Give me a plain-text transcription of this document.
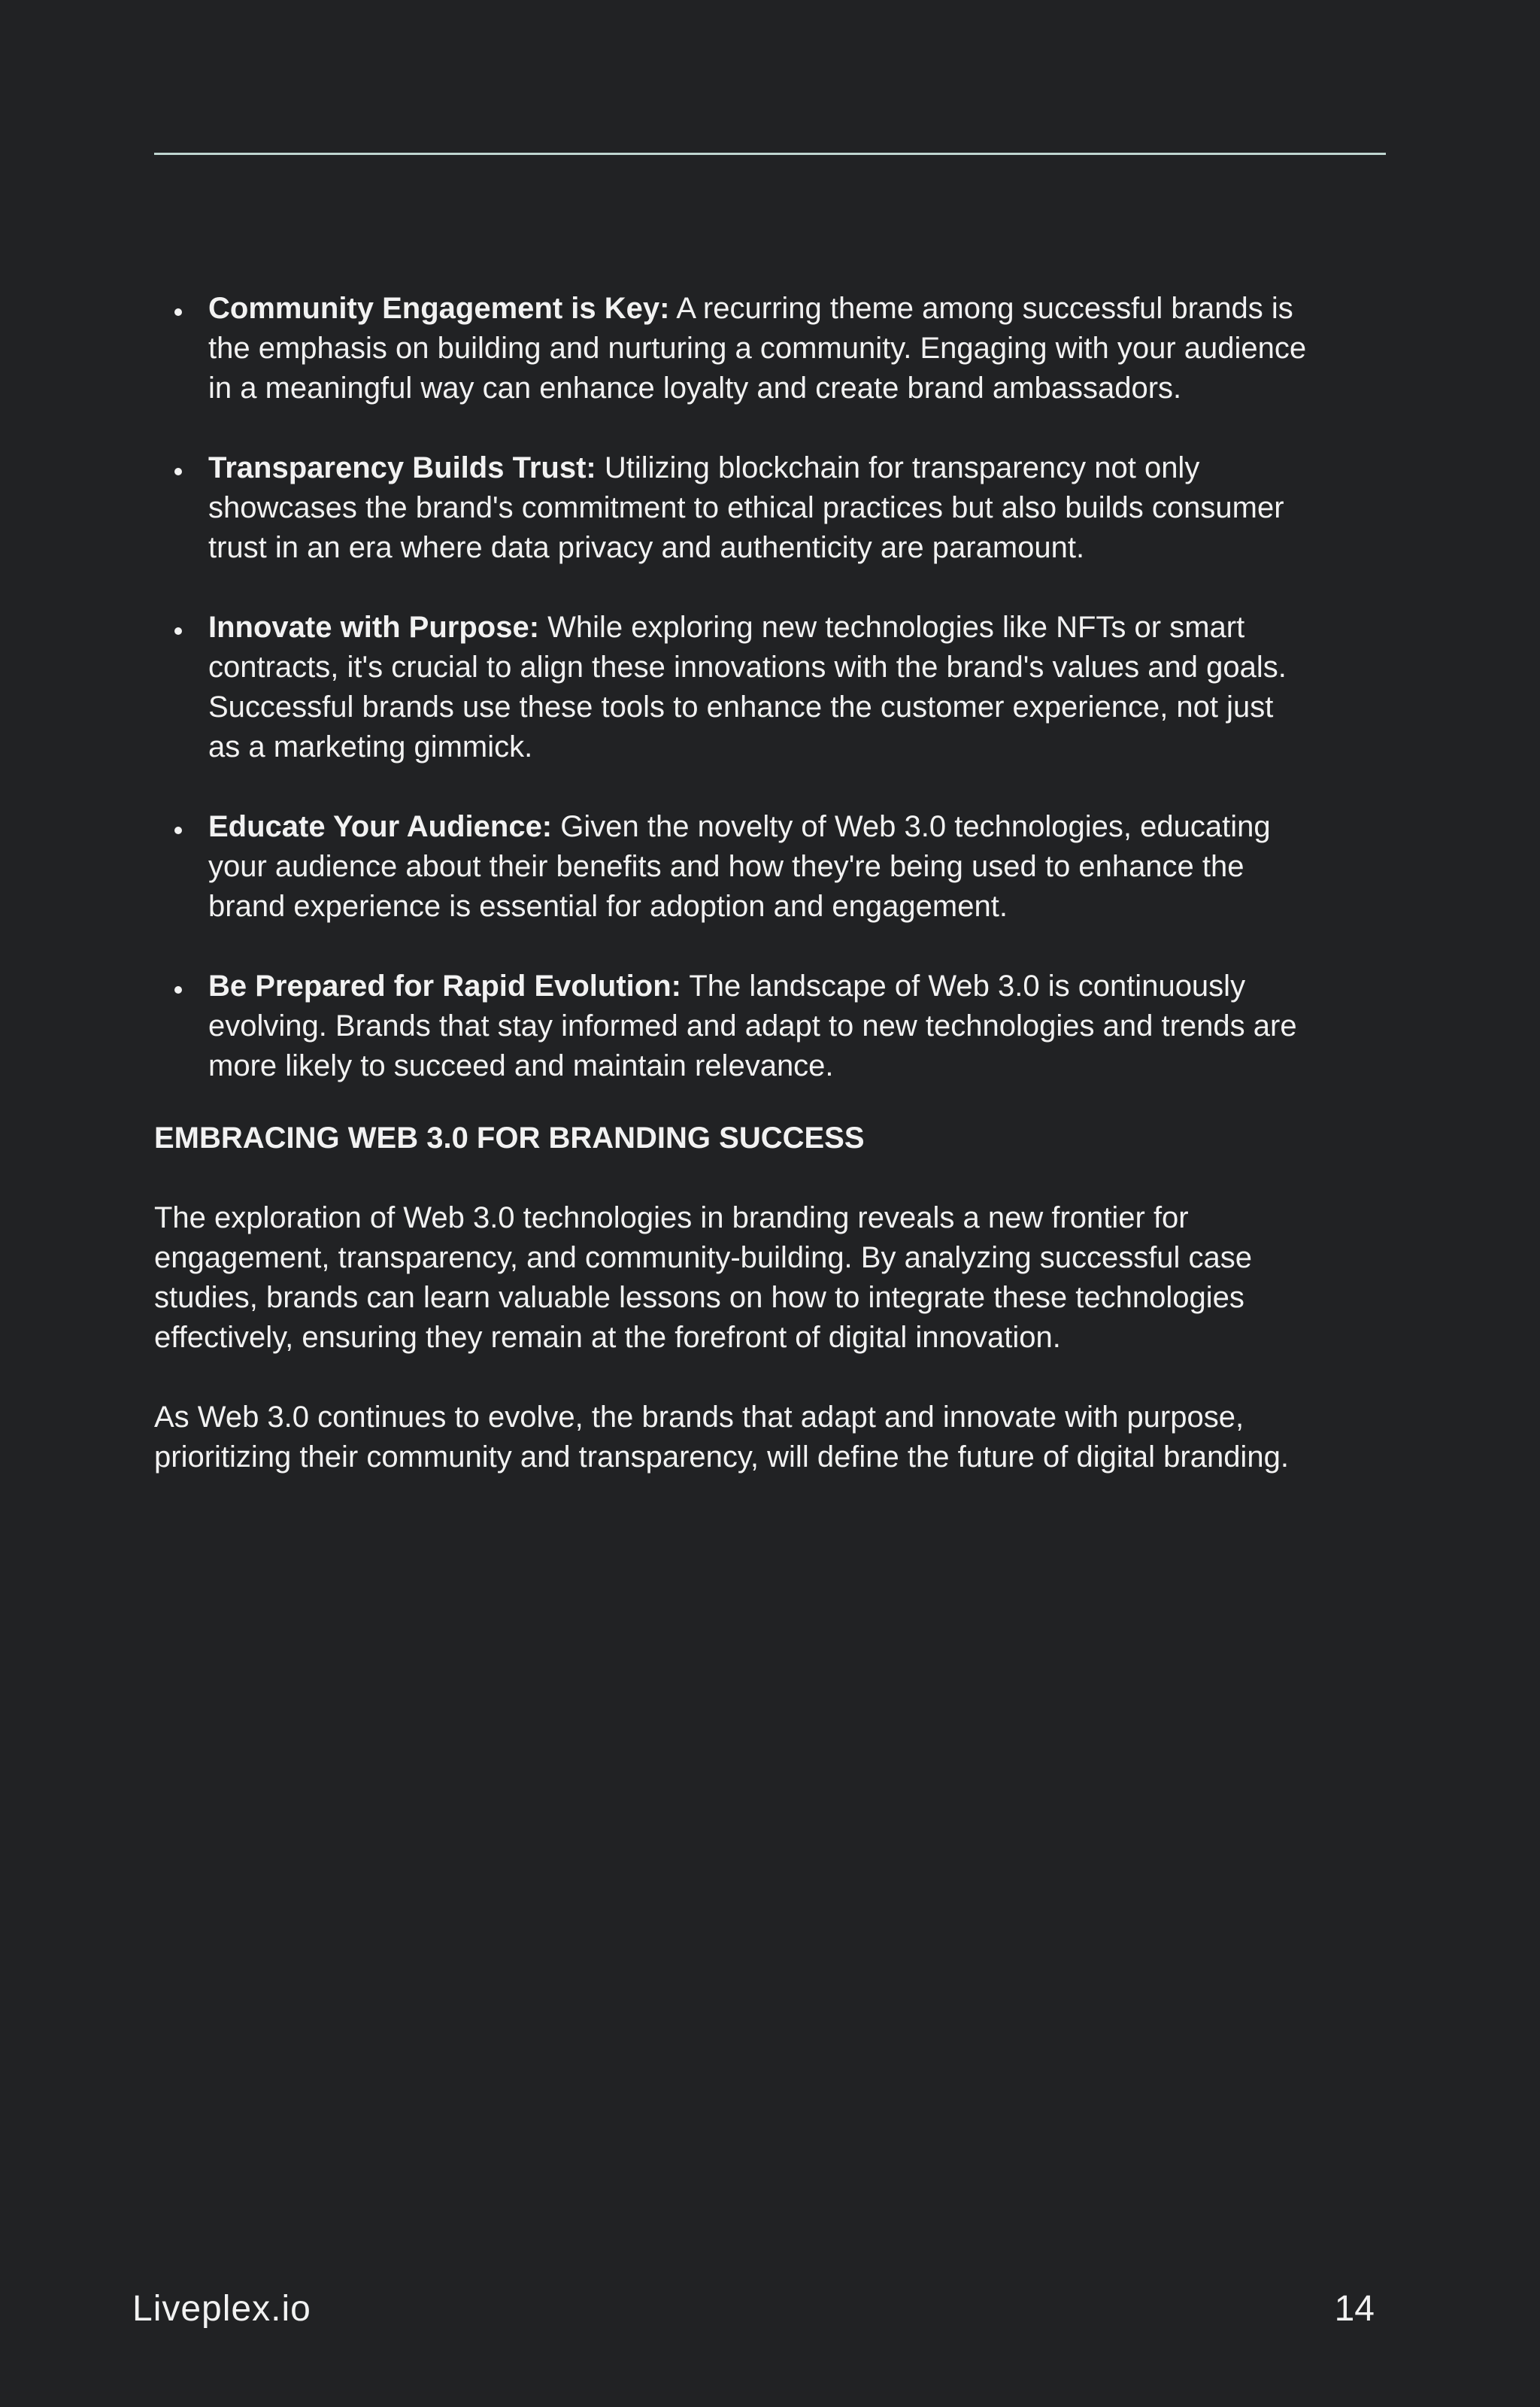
Community Engagement is Key: A recurring theme among successful brands is the emphasis on building and nurturing a community. Engaging with your audience in a meaningful way can enhance loyalty and create brand ambassadors.
Transparency Builds Trust: Utilizing blockchain for transparency not only showcases the brand's commitment to ethical practices but also builds consumer trust in an era where data privacy and authenticity are paramount.
Innovate with Purpose: While exploring new technologies like NFTs or smart contracts, it's crucial to align these innovations with the brand's values and goals. Successful brands use these tools to enhance the customer experience, not just as a marketing gimmick.
Educate Your Audience: Given the novelty of Web 3.0 technologies, educating your audience about their benefits and how they're being used to enhance the brand experience is essential for adoption and engagement.
Be Prepared for Rapid Evolution: The landscape of Web 3.0 is continuously evolving. Brands that stay informed and adapt to new technologies and trends are more likely to succeed and maintain relevance.
EMBRACING WEB 3.0 FOR BRANDING SUCCESS

The exploration of Web 3.0 technologies in branding reveals a new frontier for engagement, transparency, and community-building. By analyzing successful case studies, brands can learn valuable lessons on how to integrate these technologies effectively, ensuring they remain at the forefront of digital innovation.

As Web 3.0 continues to evolve, the brands that adapt and innovate with purpose, prioritizing their community and transparency, will define the future of digital branding.

Liveplex.io	14
